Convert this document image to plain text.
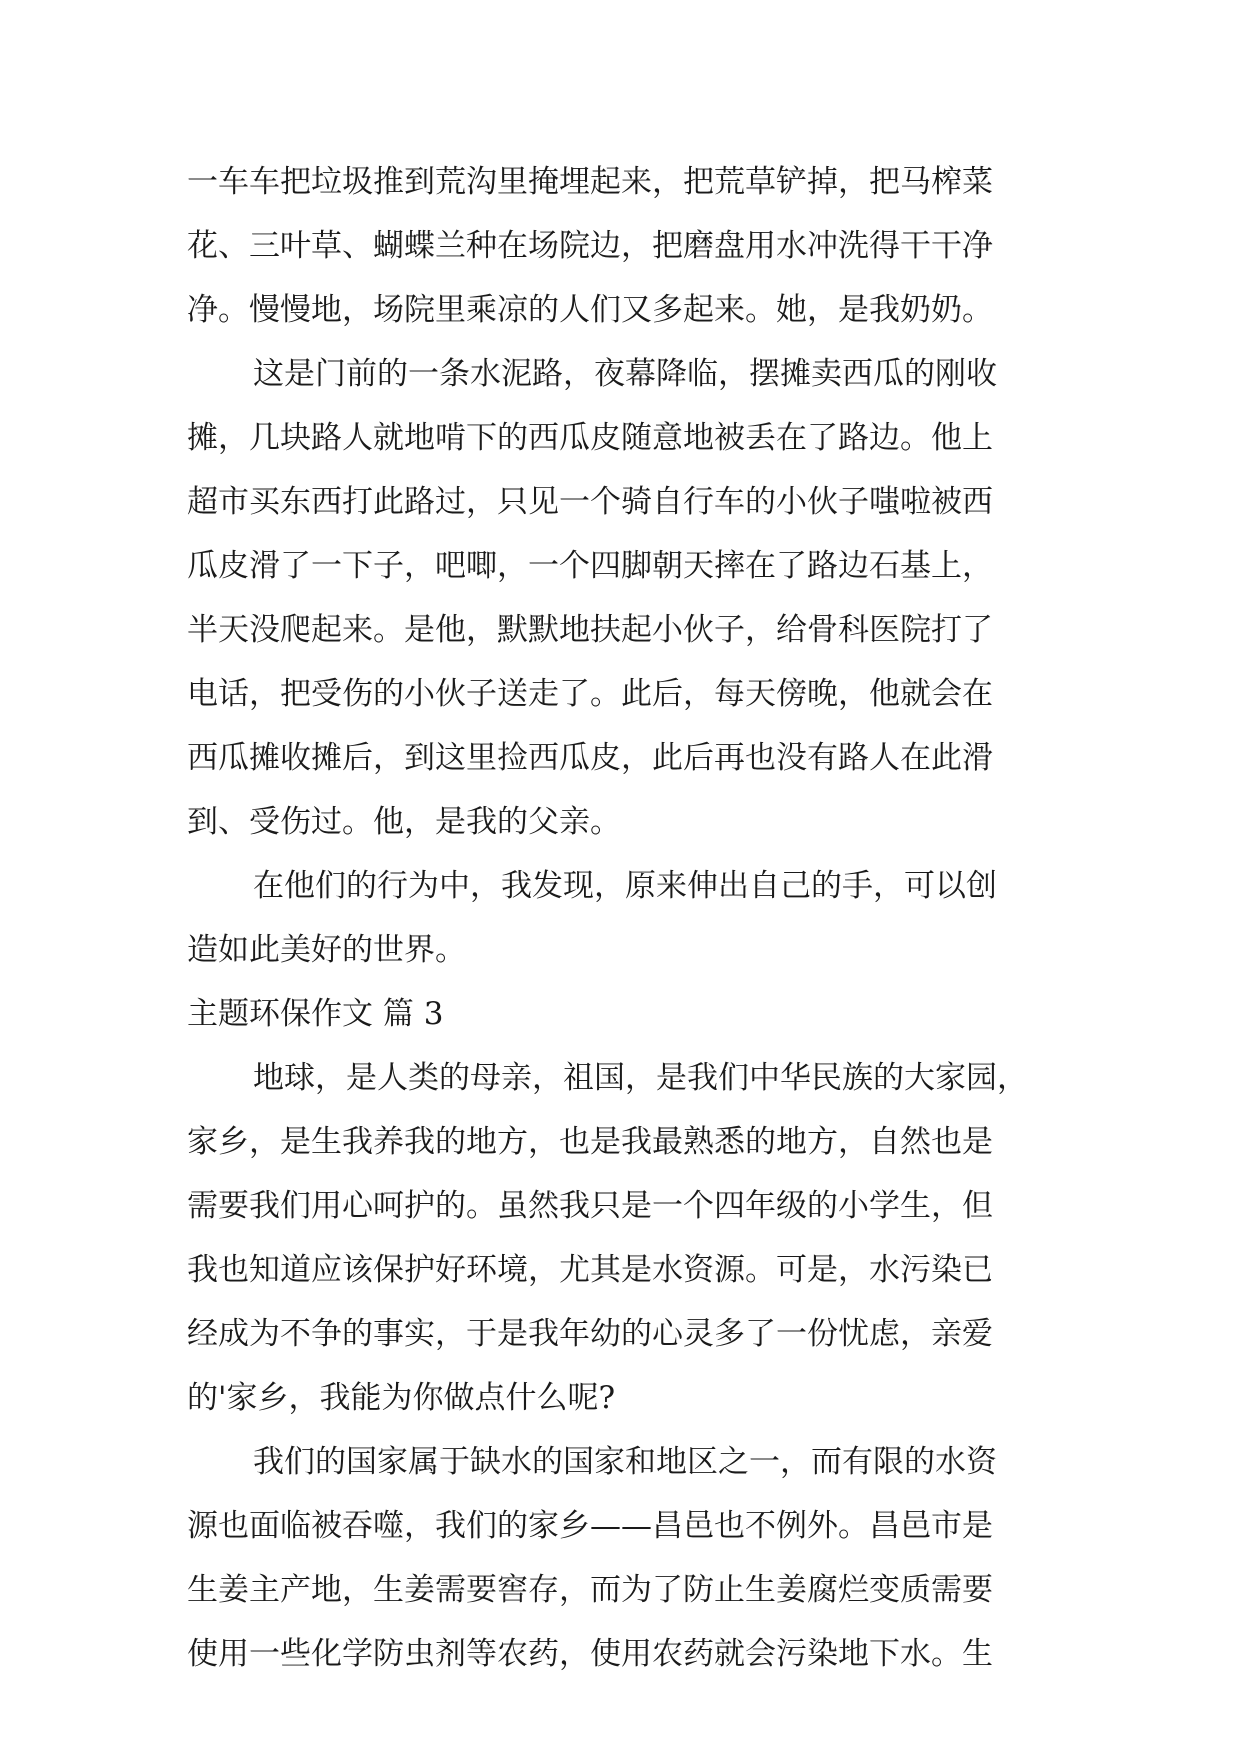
一车车把垃圾推到荒沟里掩埋起来，把荒草铲掉，把马榨菜
花、三叶草、蝴蝶兰种在场院边，把磨盘用水冲洗得干干净
净。慢慢地，场院里乘凉的人们又多起来。她，是我奶奶。
这是门前的一条水泥路，夜幕降临，摆摊卖西瓜的刚收
摊，几块路人就地啃下的西瓜皮随意地被丢在了路边。他上
超市买东西打此路过，只见一个骑自行车的小伙子嗤啦被西
瓜皮滑了一下子，吧唧，一个四脚朝天摔在了路边石基上，
半天没爬起来。是他，默默地扶起小伙子，给骨科医院打了
电话，把受伤的小伙子送走了。此后，每天傍晚，他就会在
西瓜摊收摊后，到这里捡西瓜皮，此后再也没有路人在此滑
到、受伤过。他，是我的父亲。
在他们的行为中，我发现，原来伸出自己的手，可以创
造如此美好的世界。
主题环保作文 篇 3
地球，是人类的母亲，祖国，是我们中华民族的大家园，
家乡，是生我养我的地方，也是我最熟悉的地方，自然也是
需要我们用心呵护的。虽然我只是一个四年级的小学生，但
我也知道应该保护好环境，尤其是水资源。可是，水污染已
经成为不争的事实，于是我年幼的心灵多了一份忧虑，亲爱
的'家乡，我能为你做点什么呢?
我们的国家属于缺水的国家和地区之一，而有限的水资
源也面临被吞噬，我们的家乡——昌邑也不例外。昌邑市是
生姜主产地，生姜需要窖存，而为了防止生姜腐烂变质需要
使用一些化学防虫剂等农药，使用农药就会污染地下水。生
